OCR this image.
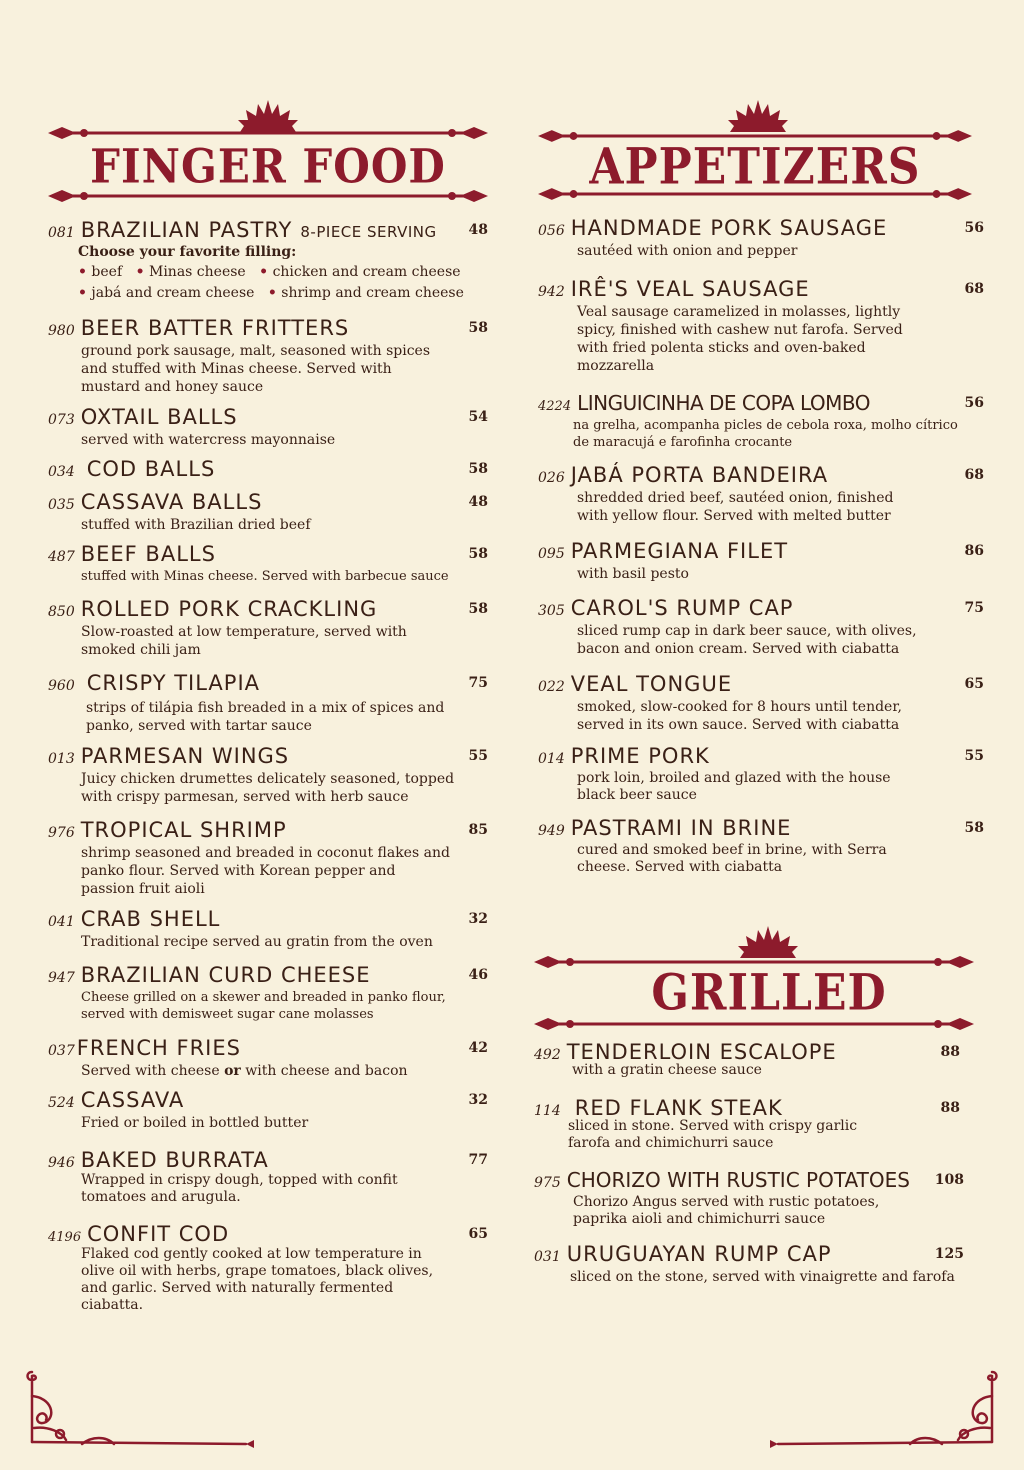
FINGER FOOD
081 BRAZILIAN PASTRY 8-PIECE SERVING 48
Choose your favorite filling:
• beef • Minas cheese • chicken and cream cheese
• jabá and cream cheese • shrimp and cream cheese
980 BEER BATTER FRITTERS	58
ground pork sausage, malt, seasoned with spices and stuffed with Minas cheese. Served with mustard and honey sauce
073 OXTAIL BALLS	54
served with watercress mayonnaise
034 COD BALLS	58
035 CASSAVA BALLS	48
stuffed with Brazilian dried beef
487 BEEF BALLS	58
stuffed with Minas cheese. Served with barbecue sauce
850 ROLLED PORK CRACKLING	58
Slow-roasted at low temperature, served with smoked chili jam
960 CRISPY TILAPIA	75
strips of tilápia fish breaded in a mix of spices and panko, served with tartar sauce
013 PARMESAN WINGS	55
Juicy chicken drumettes delicately seasoned, topped with crispy parmesan, served with herb sauce
976 TROPICAL SHRIMP	85
shrimp seasoned and breaded in coconut flakes and panko flour. Served with Korean pepper and passion fruit aioli
041 CRAB SHELL	32
Traditional recipe served au gratin from the oven
947 BRAZILIAN CURD CHEESE	46
Cheese grilled on a skewer and breaded in panko flour, served with demisweet sugar cane molasses
037 FRENCH FRIES	42
Served with cheese or with cheese and bacon
524 CASSAVA	32
Fried or boiled in bottled butter
946 BAKED BURRATA	77
Wrapped in crispy dough, topped with confit tomatoes and arugula.
4196 CONFIT COD	65
Flaked cod gently cooked at low temperature in olive oil with herbs, grape tomatoes, black olives, and garlic. Served with naturally fermented ciabatta.
APPETIZERS
056 HANDMADE PORK SAUSAGE	56
sautéed with onion and pepper
942 IRÊ'S VEAL SAUSAGE	68
Veal sausage caramelized in molasses, lightly spicy, finished with cashew nut farofa. Served with fried polenta sticks and oven-baked mozzarella
4224 LINGUICINHA DE COPA LOMBO	56
na grelha, acompanha picles de cebola roxa, molho cítrico de maracujá e farofinha crocante
026 JABÁ PORTA BANDEIRA	68
shredded dried beef, sautéed onion, finished with yellow flour. Served with melted butter
095 PARMEGIANA FILET	86
with basil pesto
305 CAROL'S RUMP CAP	75
sliced rump cap in dark beer sauce, with olives, bacon and onion cream. Served with ciabatta
022 VEAL TONGUE	65
smoked, slow-cooked for 8 hours until tender, served in its own sauce. Served with ciabatta
014 PRIME PORK	55
pork loin, broiled and glazed with the house black beer sauce
949 PASTRAMI IN BRINE	58
cured and smoked beef in brine, with Serra cheese. Served with ciabatta
GRILLED
492 TENDERLOIN ESCALOPE	88
with a gratin cheese sauce
114 RED FLANK STEAK	88
sliced in stone. Served with crispy garlic farofa and chimichurri sauce
975 CHORIZO WITH RUSTIC POTATOES 108
Chorizo Angus served with rustic potatoes, paprika aioli and chimichurri sauce
031 URUGUAYAN RUMP CAP	125
sliced on the stone, served with vinaigrette and farofa
